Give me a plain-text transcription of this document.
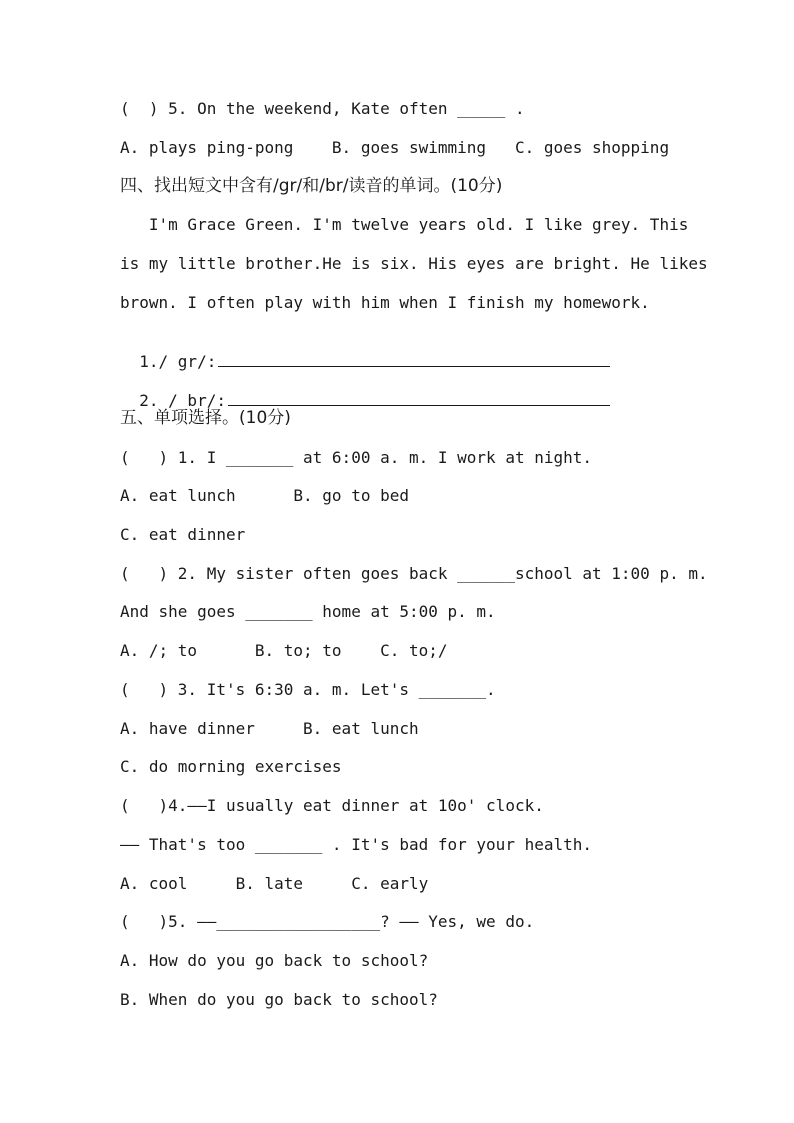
(  ) 5. On the weekend, Kate often _____ .
A. plays ping-pong    B. goes swimming   C. goes shopping
四、找出短文中含有/gr/和/br/读音的单词。(10分)
I'm Grace Green. I'm twelve years old. I like grey. This
is my little brother.He is six. His eyes are bright. He likes
brown. I often play with him when I finish my homework.

1./ gr/:

2. / br/:

五、单项选择。(10分)
(   ) 1. I _______ at 6:00 a. m. I work at night.
A. eat lunch      B. go to bed
C. eat dinner
(   ) 2. My sister often goes back ______school at 1:00 p. m.
And she goes _______ home at 5:00 p. m.
A. /; to      B. to; to    C. to;/
(   ) 3. It's 6:30 a. m. Let's _______.
A. have dinner     B. eat lunch
C. do morning exercises
(   )4.——I usually eat dinner at 10o' clock.
—— That's too _______ . It's bad for your health.
A. cool     B. late     C. early
(   )5. ——_________________? —— Yes, we do.
A. How do you go back to school?
B. When do you go back to school?
